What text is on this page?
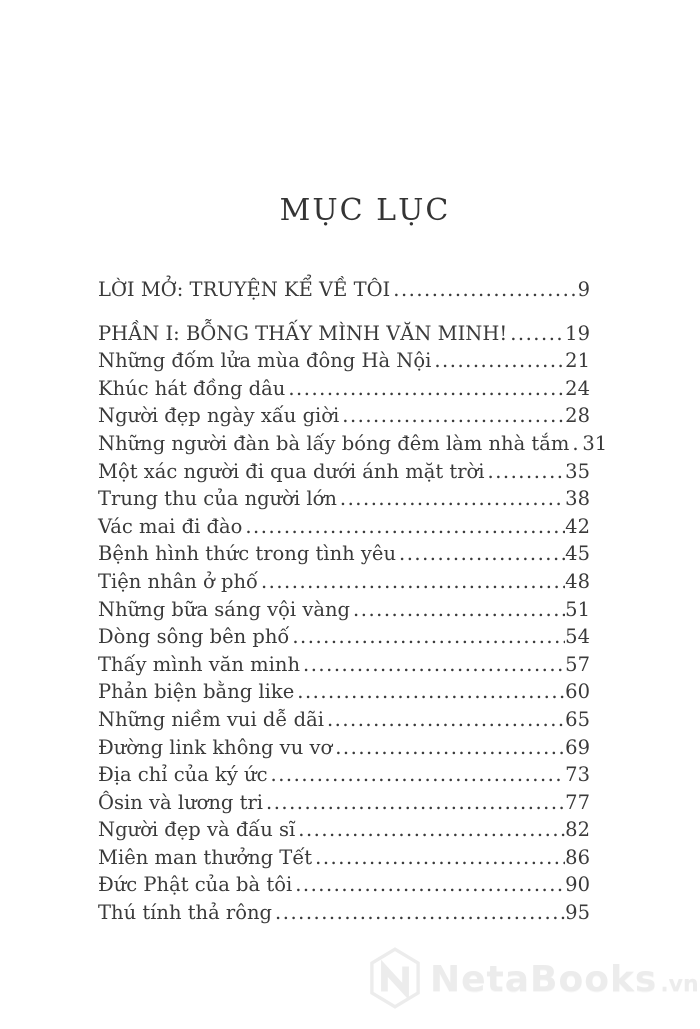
MỤC LỤC
LỜI MỞ: TRUYỆN KỂ VỀ TÔI .....	9
PHẦN I: BỖNG THẤY MÌNH VĂN MINH! .....	19
Những đốm lửa mùa đông Hà Nội .....	21
Khúc hát đồng dâu .....	24
Người đẹp ngày xấu giời .....	28
Những người đàn bà lấy bóng đêm làm nhà tắm ..... 31
Một xác người đi qua dưới ánh mặt trời .....	35
Trung thu của người lớn .....	38
Vác mai đi đào .....	42
Bệnh hình thức trong tình yêu .....	45
Tiện nhân ở phố .....	48
Những bữa sáng vội vàng .....	51
Dòng sông bên phố .....	54
Thấy mình văn minh .....	57
Phản biện bằng like .....	60
Những niềm vui dễ dãi .....	65
Đường link không vu vơ .....	69
Địa chỉ của ký ức .....	73
Ôsin và lương tri .....	77
Người đẹp và đấu sĩ .....	82
Miên man thưởng Tết .....	86
Đức Phật của bà tôi .....	90
Thú tính thả rông .....	95
NetaBooks .vn
